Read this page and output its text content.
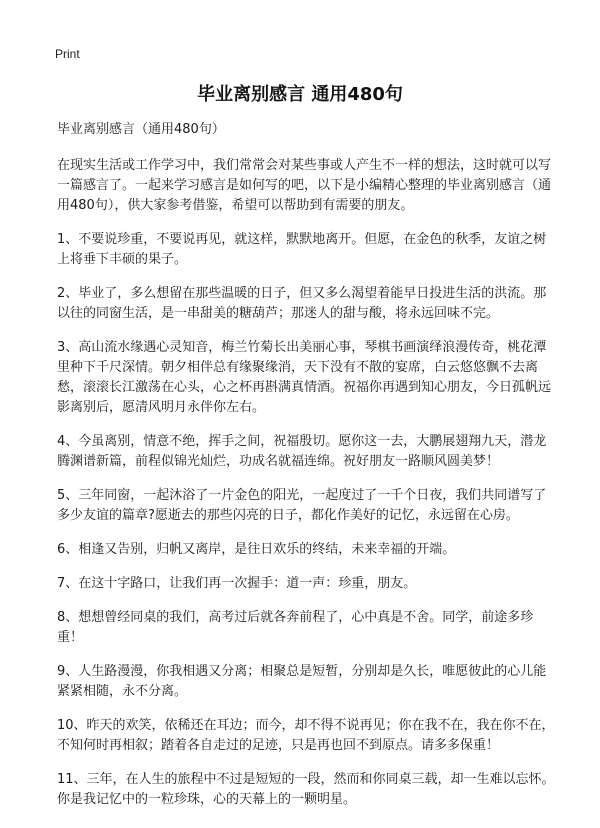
Print
毕业离别感言 通用480句

毕业离别感言（通用480句）

在现实生活或工作学习中，我们常常会对某些事或人产生不一样的想法，这时就可以写一篇感言了。一起来学习感言是如何写的吧，以下是小编精心整理的毕业离别感言（通用480句），供大家参考借鉴，希望可以帮助到有需要的朋友。

1、不要说珍重，不要说再见，就这样，默默地离开。但愿，在金色的秋季，友谊之树上将垂下丰硕的果子。

2、毕业了，多么想留在那些温暖的日子，但又多么渴望着能早日投进生活的洪流。那以往的同窗生活，是一串甜美的糖葫芦；那迷人的甜与酸，将永远回味不完。

3、高山流水缘遇心灵知音，梅兰竹菊长出美丽心事，琴棋书画演绎浪漫传奇，桃花潭里种下千尺深情。朝夕相伴总有缘聚缘消，天下没有不散的宴席，白云悠悠飘不去离愁，滚滚长江激荡在心头，心之杯再斟满真情酒。祝福你再遇到知心朋友，今日孤帆远影离别后，愿清风明月永伴你左右。

4、今虽离别，情意不绝，挥手之间，祝福殷切。愿你这一去，大鹏展翅翔九天，潜龙腾渊谱新篇，前程似锦光灿烂，功成名就福连绵。祝好朋友一路顺风圆美梦！

5、三年同窗，一起沐浴了一片金色的阳光，一起度过了一千个日夜，我们共同谱写了多少友谊的篇章?愿逝去的那些闪亮的日子，都化作美好的记忆，永远留在心房。

6、相逢又告别，归帆又离岸，是往日欢乐的终结，未来幸福的开端。

7、在这十字路口，让我们再一次握手：道一声：珍重，朋友。

8、想想曾经同桌的我们，高考过后就各奔前程了，心中真是不舍。同学，前途多珍重！

9、人生路漫漫，你我相遇又分离；相聚总是短暂，分别却是久长，唯愿彼此的心儿能紧紧相随，永不分离。

10、昨天的欢笑，依稀还在耳边；而今，却不得不说再见；你在我不在，我在你不在，不知何时再相叙；踏着各自走过的足迹，只是再也回不到原点。请多多保重！

11、三年，在人生的旅程中不过是短短的一段，然而和你同桌三载，却一生难以忘怀。你是我记忆中的一粒珍珠，心的天幕上的一颗明星。
